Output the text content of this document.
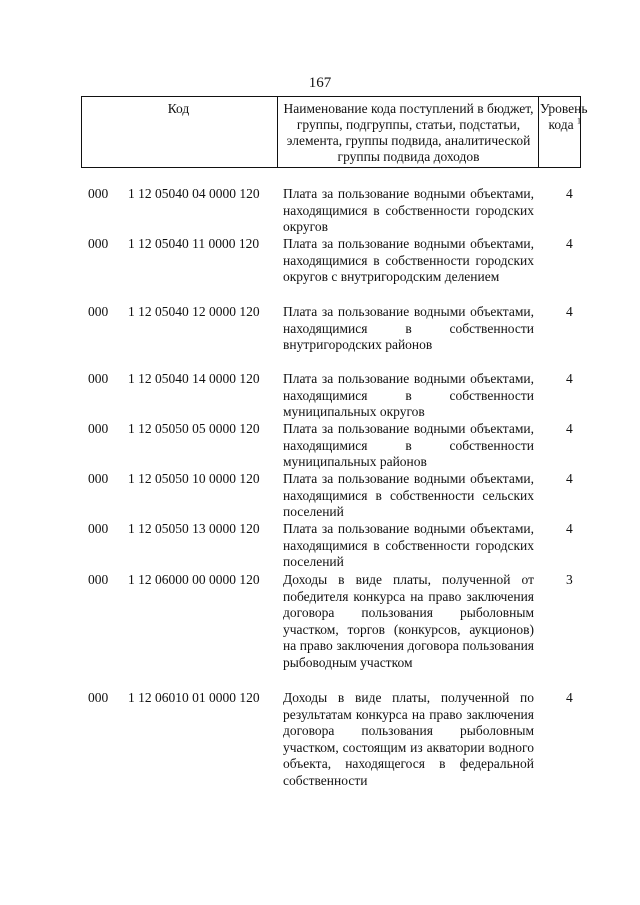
167
Код	Наименование кода поступлений в бюджет, группы, подгруппы, статьи, подстатьи, элемента, группы подвида, аналитической группы подвида доходов
Уровень
кода $^1$
000 1 12 05040 04 0000 120 Плата за пользование водными объектами, находящимися в собственности городских округов
4
000 1 12 05040 11 0000 120 Плата за пользование водными объектами, находящимися в собственности городских округов с внутригородским делением
4
000 1 12 05040 12 0000 120 Плата за пользование водными объектами, находящимися в собственности внутригородских районов
4
000 1 12 05040 14 0000 120 Плата за пользование водными объектами, находящимися в собственности муниципальных округов
4
000 1 12 05050 05 0000 120 Плата за пользование водными объектами, находящимися в собственности муниципальных районов
4
000 1 12 05050 10 0000 120 Плата за пользование водными объектами, находящимися в собственности сельских поселений
4
000 1 12 05050 13 0000 120 Плата за пользование водными объектами, находящимися в собственности городских поселений
4
000 1 12 06000 00 0000 120 Доходы в виде платы, полученной от победителя конкурса на право заключения договора пользования рыболовным участком, торгов (конкурсов, аукционов) на право заключения договора пользования рыбоводным участком
3
000 1 12 06010 01 0000 120 Доходы в виде платы, полученной по результатам конкурса на право заключения договора пользования рыболовным участком, состоящим из акватории водного объекта, находящегося в федеральной собственности
4
